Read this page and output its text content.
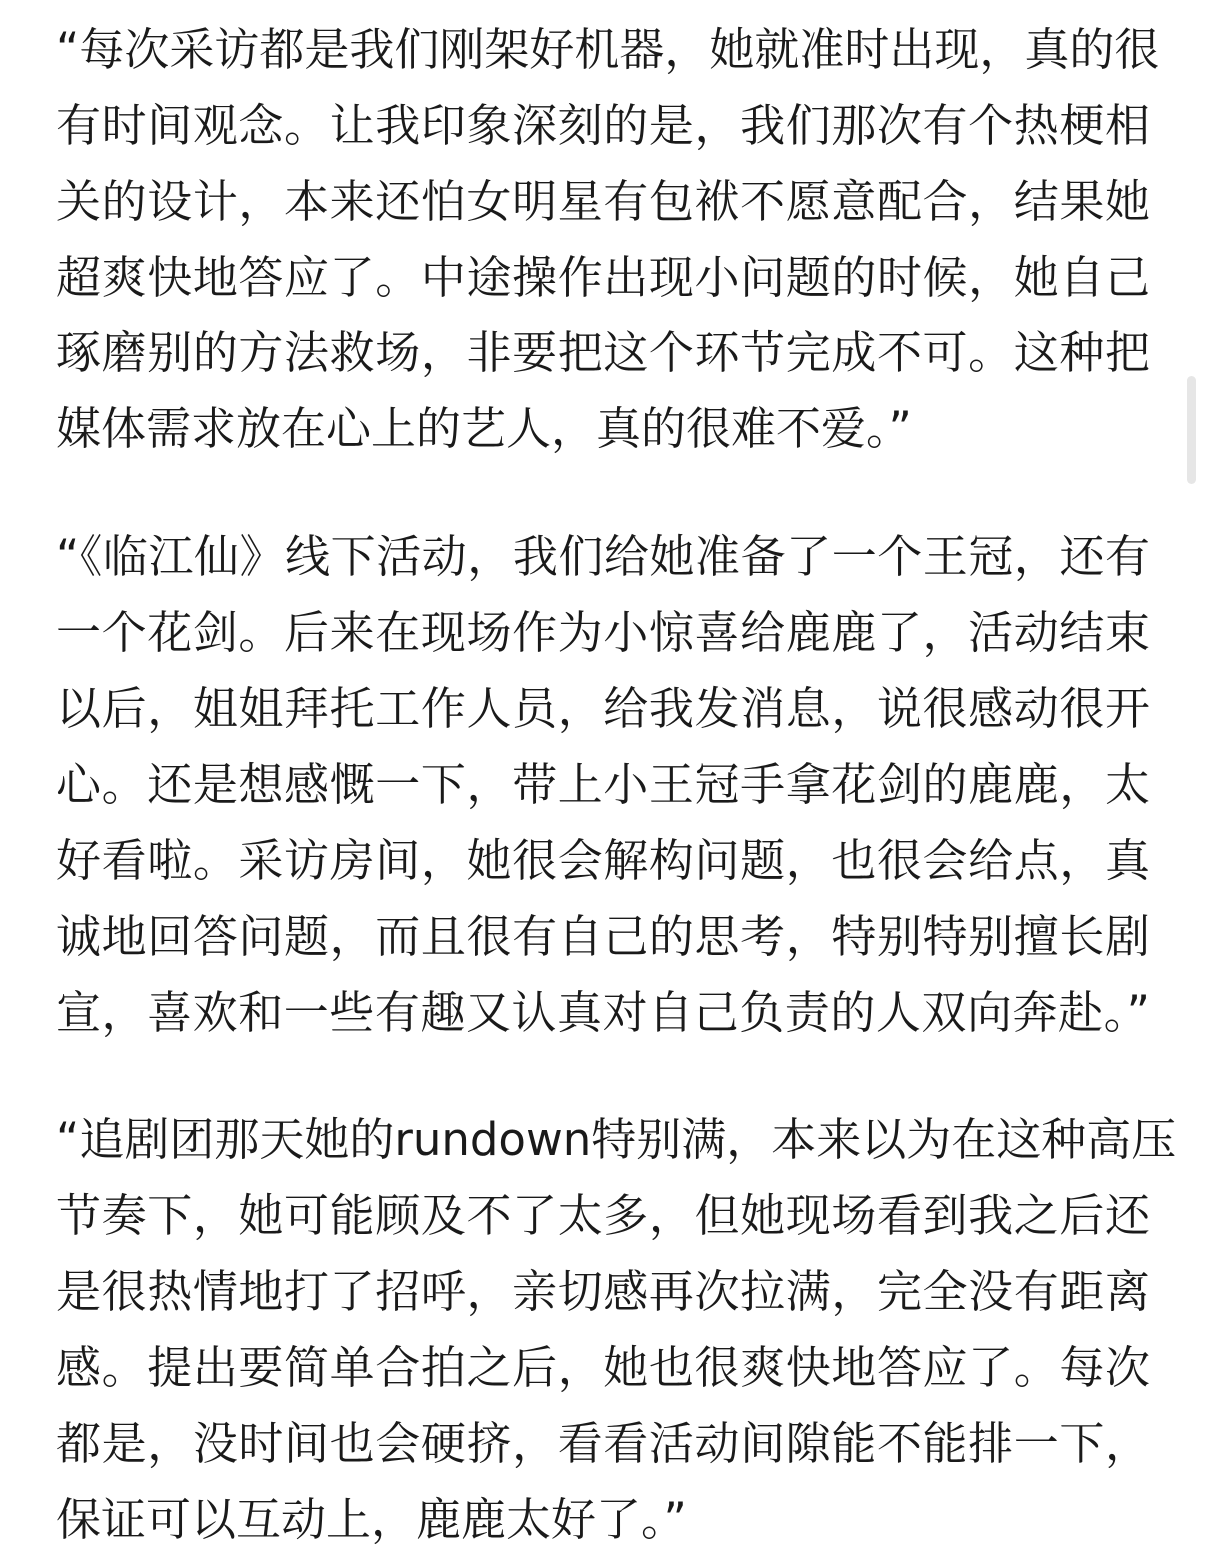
“每次采访都是我们刚架好机器，她就准时出现，真的很

有时间观念。让我印象深刻的是，我们那次有个热梗相

关的设计，本来还怕女明星有包袱不愿意配合，结果她

超爽快地答应了。中途操作出现小问题的时候，她自己

琢磨别的方法救场，非要把这个环节完成不可。这种把

媒体需求放在心上的艺人，真的很难不爱。”

“《临江仙》线下活动，我们给她准备了一个王冠，还有

一个花剑。后来在现场作为小惊喜给鹿鹿了，活动结束

以后，姐姐拜托工作人员，给我发消息，说很感动很开

心。还是想感慨一下，带上小王冠手拿花剑的鹿鹿，太

好看啦。采访房间，她很会解构问题，也很会给点，真

诚地回答问题，而且很有自己的思考，特别特别擅长剧

宣，喜欢和一些有趣又认真对自己负责的人双向奔赴。”

“追剧团那天她的rundown特别满，本来以为在这种高压

节奏下，她可能顾及不了太多，但她现场看到我之后还

是很热情地打了招呼，亲切感再次拉满，完全没有距离

感。提出要简单合拍之后，她也很爽快地答应了。每次

都是，没时间也会硬挤，看看活动间隙能不能排一下，

保证可以互动上，鹿鹿太好了。”
